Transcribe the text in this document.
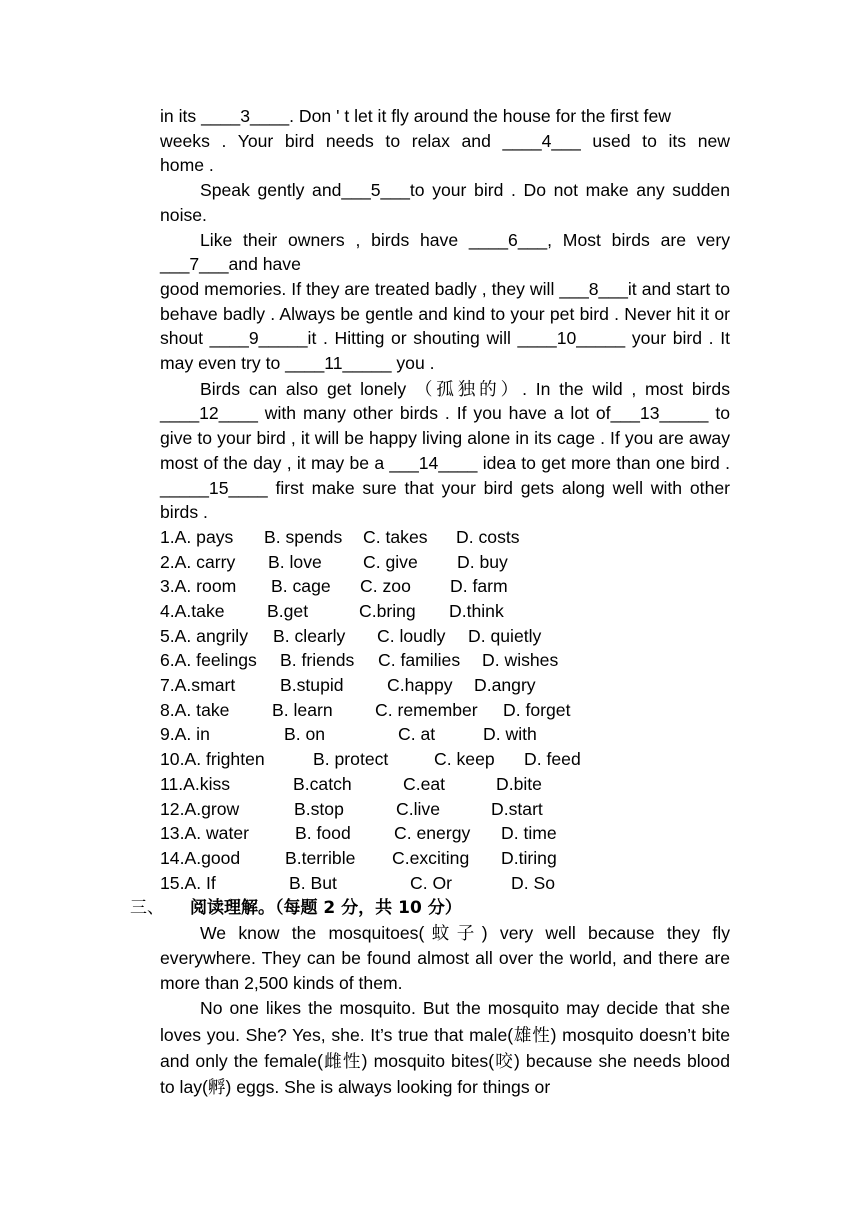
in its ____3____. Don ' t let it fly around the house for the first few
weeks . Your bird needs to relax and ____4___ used to its new
home .

Speak gently and___5___to your bird . Do not make any sudden noise.

Like their owners , birds have ____6___, Most birds are very

___7___and have

good memories. If they are treated badly , they will ___8___it and start to behave badly . Always be gentle and kind to your pet bird . Never hit it or shout ____9_____it . Hitting or shouting will ____10_____ your bird . It may even try to ____11_____ you .

Birds can also get lonely （孤独的）. In the wild , most birds ____12____ with many other birds . If you have a lot of___13_____ to give to your bird , it will be happy living alone in its cage . If you are away most of the day , it may be a ___14____ idea to get more than one bird . _____15____ first make sure that your bird gets along well with other birds .

1.A. pays	B. spends	C. takes	D. costs
2.A. carry	B. love	C. give	D. buy
3.A. room	B. cage	C. zoo	D. farm
4.A.take	B.get	C.bring	D.think
5.A. angrily	B. clearly	C. loudly	D. quietly
6.A. feelings	B. friends	C. families	D. wishes
7.A.smart	B.stupid	C.happy	D.angry
8.A. take	B. learn	C. remember	D. forget
9.A. in	B. on	C. at	D. with
10.A. frighten	B. protect	C. keep	D. feed
11.A.kiss	B.catch	C.eat	D.bite
12.A.grow	B.stop	C.live	D.start
13.A. water	B. food	C. energy	D. time
14.A.good	B.terrible	C.exciting	D.tiring
15.A. If	B. But	C. Or	D. So
三、 阅读理解。（每题 2 分，共 10 分）

We know the mosquitoes(蚊子) very well because they fly everywhere. They can be found almost all over the world, and there are more than 2,500 kinds of them.

No one likes the mosquito. But the mosquito may decide that she loves you. She? Yes, she. It’s true that male(雄性) mosquito doesn’t bite and only the female(雌性) mosquito bites(咬) because she needs blood to lay(孵) eggs. She is always looking for things or
